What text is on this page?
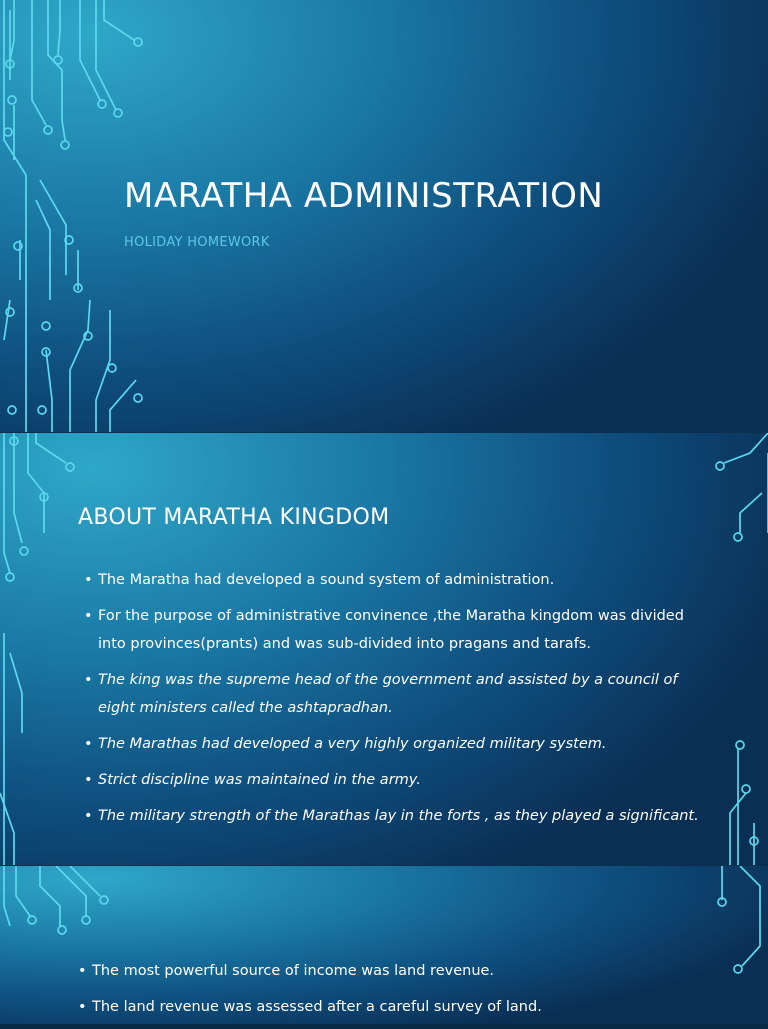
MARATHA ADMINISTRATION

HOLIDAY HOMEWORK

ABOUT MARATHA KINGDOM
• The Maratha had developed a sound system of administration.
• For the purpose of administrative convinence ,the Maratha kingdom was divided into provinces(prants) and was sub-divided into pragans and tarafs.
• The king was the supreme head of the government and assisted by a council of eight ministers called the ashtapradhan.
• The Marathas had developed a very highly organized military system.
• Strict discipline was maintained in the army.
• The military strength of the Marathas lay in the forts , as they played a significant.
• The most powerful source of income was land revenue.
• The land revenue was assessed after a careful survey of land.
